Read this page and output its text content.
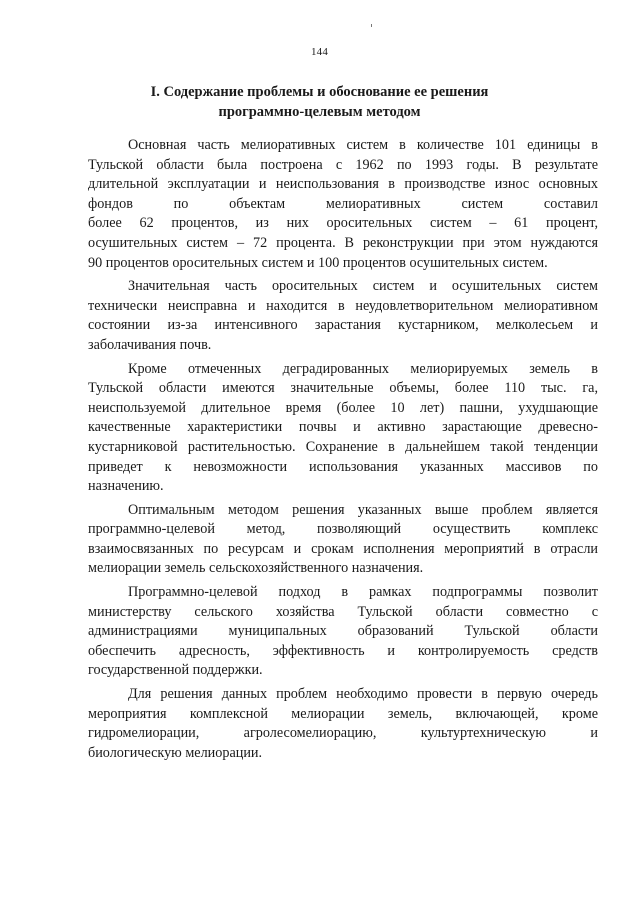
144
I. Содержание проблемы и обоснование ее решения
программно-целевым методом
Основная часть мелиоративных систем в количестве 101 единицы в
Тульской области была построена с 1962 по 1993 годы. В результате
длительной эксплуатации и неиспользования в производстве износ основных
фондов по объектам мелиоративных систем составил
более 62 процентов, из них оросительных систем – 61 процент,
осушительных систем – 72 процента. В реконструкции при этом нуждаются
90 процентов оросительных систем и 100 процентов осушительных систем.
Значительная часть оросительных систем и осушительных систем
технически неисправна и находится в неудовлетворительном мелиоративном
состоянии из-за интенсивного зарастания кустарником, мелколесьем и
заболачивания почв.
Кроме отмеченных деградированных мелиорируемых земель в
Тульской области имеются значительные объемы, более 110 тыс. га,
неиспользуемой длительное время (более 10 лет) пашни, ухудшающие
качественные характеристики почвы и активно зарастающие древесно-
кустарниковой растительностью. Сохранение в дальнейшем такой тенденции
приведет к невозможности использования указанных массивов по
назначению.
Оптимальным методом решения указанных выше проблем является
программно-целевой метод, позволяющий осуществить комплекс
взаимосвязанных по ресурсам и срокам исполнения мероприятий в отрасли
мелиорации земель сельскохозяйственного назначения.
Программно-целевой подход в рамках подпрограммы позволит
министерству сельского хозяйства Тульской области совместно с
администрациями муниципальных образований Тульской области
обеспечить адресность, эффективность и контролируемость средств
государственной поддержки.
Для решения данных проблем необходимо провести в первую очередь
мероприятия комплексной мелиорации земель, включающей, кроме
гидромелиорации, агролесомелиорацию, культуртехническую и
биологическую мелиорации.
